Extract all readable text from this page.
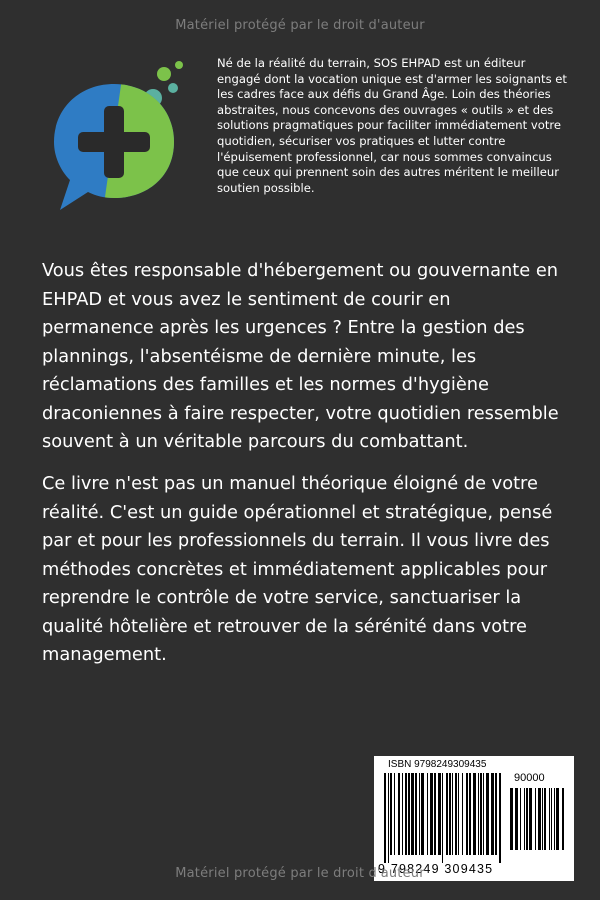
Matériel protégé par le droit d'auteur
Né de la réalité du terrain, SOS EHPAD est un éditeur engagé dont la vocation unique est d'armer les soignants et les cadres face aux défis du Grand Âge. Loin des théories abstraites, nous concevons des ouvrages « outils » et des solutions pragmatiques pour faciliter immédiatement votre quotidien, sécuriser vos pratiques et lutter contre l'épuisement professionnel, car nous sommes convaincus que ceux qui prennent soin des autres méritent le meilleur soutien possible.

Vous êtes responsable d'hébergement ou gouvernante en EHPAD et vous avez le sentiment de courir en permanence après les urgences ? Entre la gestion des plannings, l'absentéisme de dernière minute, les réclamations des familles et les normes d'hygiène draconiennes à faire respecter, votre quotidien ressemble souvent à un véritable parcours du combattant.

Ce livre n'est pas un manuel théorique éloigné de votre réalité. C'est un guide opérationnel et stratégique, pensé par et pour les professionnels du terrain. Il vous livre des méthodes concrètes et immédiatement applicables pour reprendre le contrôle de votre service, sanctuariser la qualité hôtelière et retrouver de la sérénité dans votre management.

ISBN 9798249309435
90000
9 798249 309435
Matériel protégé par le droit d'auteur
